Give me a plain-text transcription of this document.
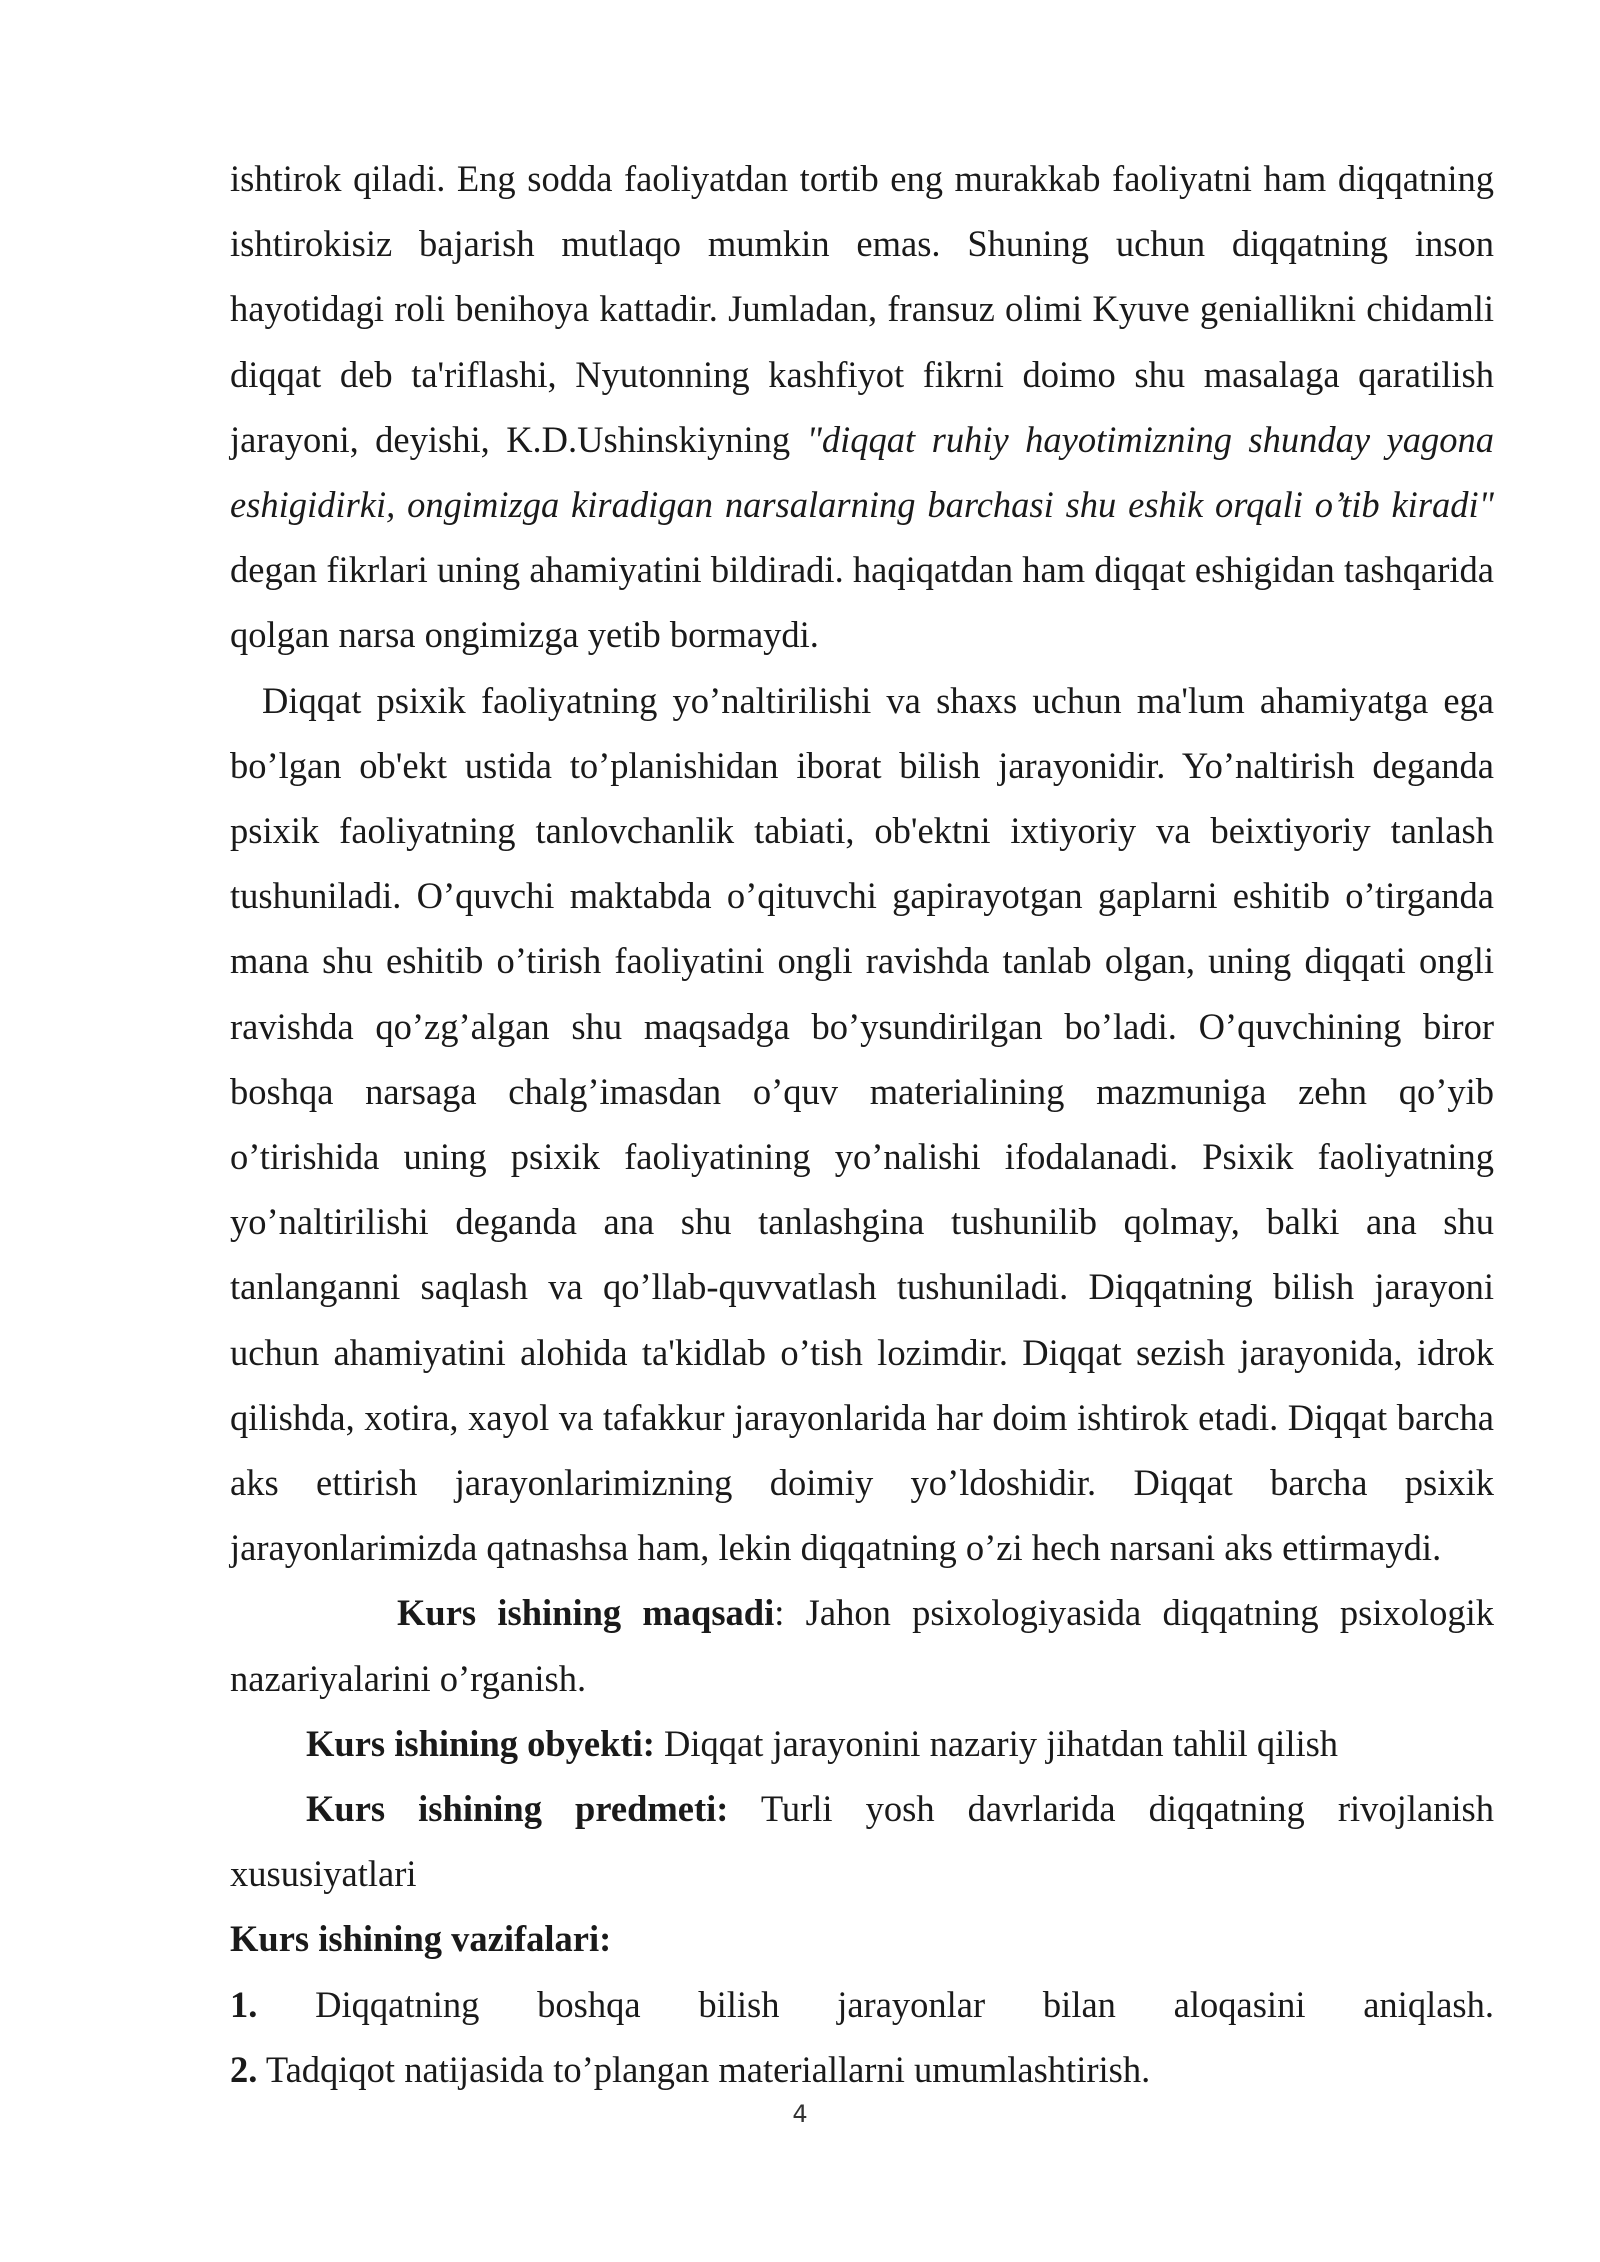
ishtirok qiladi. Eng sodda faoliyatdan tortib eng murakkab faoliyatni ham diqqatning ishtirokisiz bajarish mutlaqo mumkin emas. Shuning uchun diqqatning inson hayotidagi roli benihoya kattadir. Jumladan, fransuz olimi Kyuve geniallikni chidamli diqqat deb ta'riflashi, Nyutonning kashfiyot fikrni doimo shu masalaga qaratilish jarayoni, deyishi, K.D.Ushinskiyning "diqqat ruhiy hayotimizning shunday yagona eshigidirki, ongimizga kiradigan narsalarning barchasi shu eshik orqali o’tib kiradi" degan fikrlari uning ahamiyatini bildiradi. haqiqatdan ham diqqat eshigidan tashqarida qolgan narsa ongimizga yetib bormaydi.

Diqqat psixik faoliyatning yo’naltirilishi va shaxs uchun ma'lum ahamiyatga ega bo’lgan ob'ekt ustida to’planishidan iborat bilish jarayonidir. Yo’naltirish deganda psixik faoliyatning tanlovchanlik tabiati, ob'ektni ixtiyoriy va beixtiyoriy tanlash tushuniladi. O’quvchi maktabda o’qituvchi gapirayotgan gaplarni eshitib o’tirganda mana shu eshitib o’tirish faoliyatini ongli ravishda tanlab olgan, uning diqqati ongli ravishda qo’zg’algan shu maqsadga bo’ysundirilgan bo’ladi. O’quvchining biror boshqa narsaga chalg’imasdan o’quv materialining mazmuniga zehn qo’yib o’tirishida uning psixik faoliyatining yo’nalishi ifodalanadi. Psixik faoliyatning yo’naltirilishi deganda ana shu tanlashgina tushunilib qolmay, balki ana shu tanlanganni saqlash va qo’llab-quvvatlash tushuniladi. Diqqatning bilish jarayoni uchun ahamiyatini alohida ta'kidlab o’tish lozimdir. Diqqat sezish jarayonida, idrok qilishda, xotira, xayol va tafakkur jarayonlarida har doim ishtirok etadi. Diqqat barcha aks ettirish jarayonlarimizning doimiy yo’ldoshidir. Diqqat barcha psixik jarayonlarimizda qatnashsa ham, lekin diqqatning o’zi hech narsani aks ettirmaydi.

Kurs ishining maqsadi: Jahon psixologiyasida diqqatning psixologik nazariyalarini o’rganish.

Kurs ishining obyekti: Diqqat jarayonini nazariy jihatdan tahlil qilish

Kurs ishining predmeti: Turli yosh davrlarida diqqatning rivojlanish xususiyatlari

Kurs ishining vazifalari:

1. Diqqatning boshqa bilish jarayonlar bilan aloqasini aniqlash.

2. Tadqiqot natijasida to’plangan materiallarni umumlashtirish.

4
